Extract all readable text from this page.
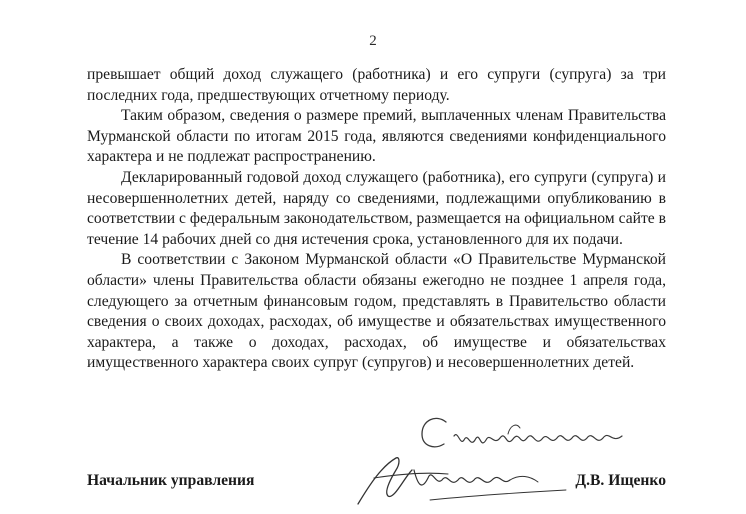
2

превышает общий доход служащего (работника) и его супруги (супруга) за три последних года, предшествующих отчетному периоду.

Таким образом, сведения о размере премий, выплаченных членам Правительства Мурманской области по итогам 2015 года, являются сведениями конфиденциального характера и не подлежат распространению.

Декларированный годовой доход служащего (работника), его супруги (супруга) и несовершеннолетних детей, наряду со сведениями, подлежащими опубликованию в соответствии с федеральным законодательством, размещается на официальном сайте в течение 14 рабочих дней со дня истечения срока, установленного для их подачи.

В соответствии с Законом Мурманской области «О Правительстве Мурманской области» члены Правительства области обязаны ежегодно не позднее 1 апреля года, следующего за отчетным финансовым годом, представлять в Правительство области сведения о своих доходах, расходах, об имуществе и обязательствах имущественного характера, а также о доходах, расходах, об имуществе и обязательствах имущественного характера своих супруг (супругов) и несовершеннолетних детей.

Начальник управления	Д.В. Ищенко
